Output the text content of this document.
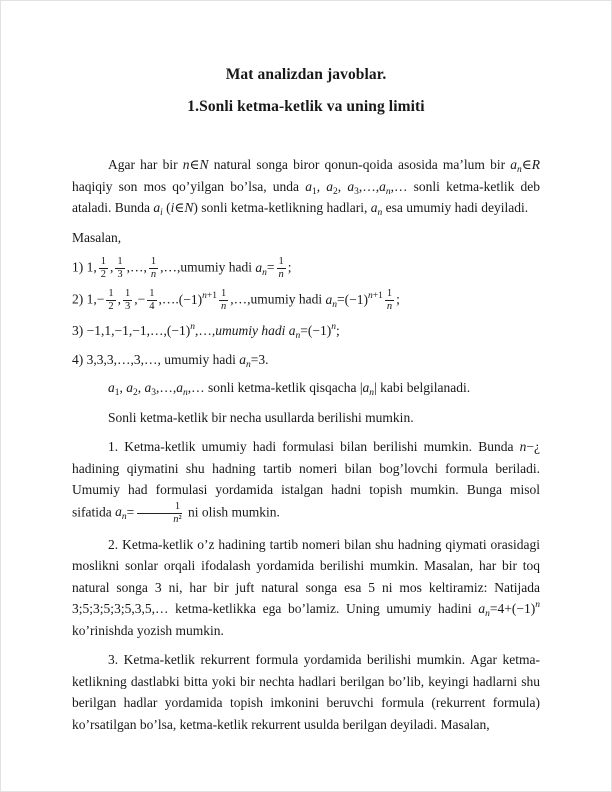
Mat analizdan javoblar.
1.Sonli ketma-ketlik va uning limiti

Agar har bir n∈N natural songa biror qonun-qoida asosida ma’lum bir $a_n\in R$ haqiqiy son mos qo’yilgan bo’lsa, unda $a_1$, $a_2$, $a_3,\dots,a_n,\dots$ sonli ketma-ketlik deb ataladi. Bunda $a_i$ (i∈N) sonli ketma-ketlikning hadlari, $a_n$ esa umumiy hadi deyiladi.

Masalan,

1) 1, $\frac{1}{2}$ , $\frac{1}{3}$ ,…, $\frac{1}{n}$ ,…,umumiy hadi $a_n= \frac{1}{n}$ ;

2) $1,- \frac{1}{2}$ , $\frac{1}{3}$ ,− $\frac{1}{4}$ $,\dots.(-1)^{n+1} \frac{1}{n}$ ,…,umumiy hadi $a_n=(-1)^{n+1} \frac{1}{n}$ ;

$3) -1,1,-1,-1,\dots,(-1)^n,\dots,umumiy$ hadi $a_n=(-1)^n$;

4) 3,3,3,…,3,…, umumiy hadi $a_n=3$.

$a_1$, $a_2$, $a_3,\dots,a_n,\dots$ sonli ketma-ketlik qisqacha $|a_n|$ kabi belgilanadi.

Sonli ketma-ketlik bir necha usullarda berilishi mumkin.

1. Ketma-ketlik umumiy hadi formulasi bilan berilishi mumkin. Bunda n−¿ hadining qiymatini shu hadning tartib nomeri bilan bog’lovchi formula beriladi. Umumiy had formulasi yordamida istalgan hadni topish mumkin. Bunga misol sifatida $a_n= \frac{1}{\text{n²}}$ ni olish mumkin.

2. Ketma-ketlik o’z hadining tartib nomeri bilan shu hadning qiymati orasidagi moslikni sonlar orqali ifodalash yordamida berilishi mumkin. Masalan, har bir toq natural songa 3 ni, har bir juft natural songa esa 5 ni mos keltiramiz: Natijada 3;5;3;5;3;5,3,5,… ketma-ketlikka ega bo’lamiz. Uning umumiy hadini $a_n=4+(-1)^n$ ko’rinishda yozish mumkin.

3. Ketma-ketlik rekurrent formula yordamida berilishi mumkin. Agar ketma-ketlikning dastlabki bitta yoki bir nechta hadlari berilgan bo’lib, keyingi hadlarni shu berilgan hadlar yordamida topish imkonini beruvchi formula (rekurrent formula) ko’rsatilgan bo’lsa, ketma-ketlik rekurrent usulda berilgan deyiladi. Masalan,
